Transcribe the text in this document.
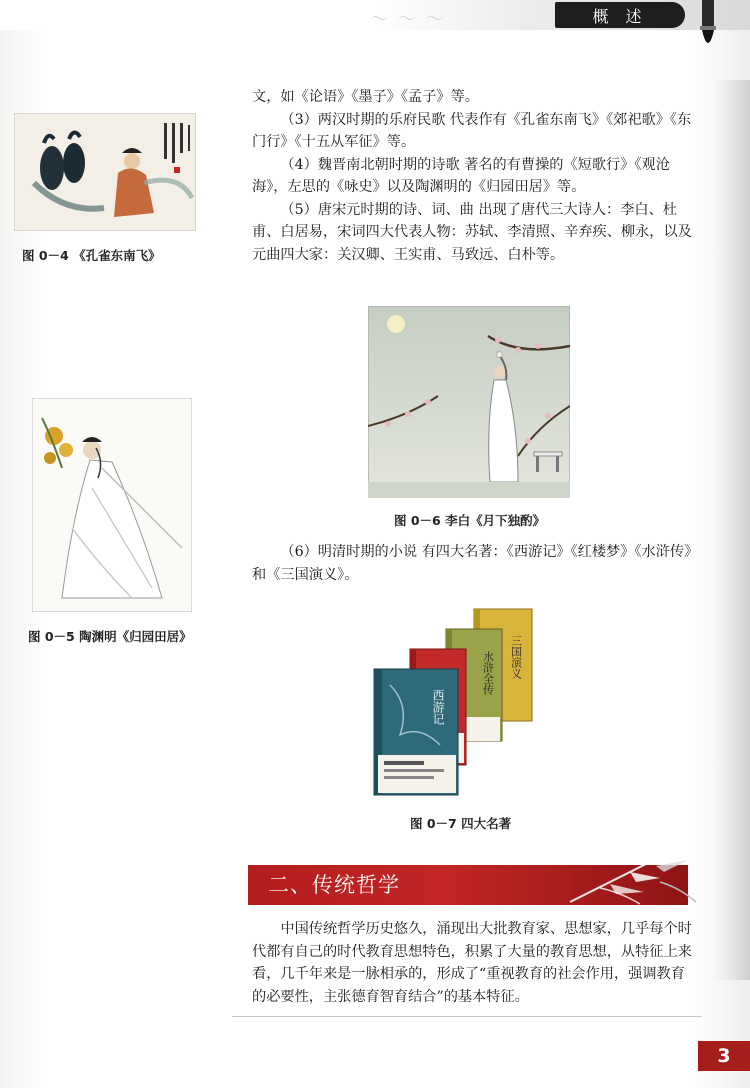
～ ～ ～	概 述
图 0－4 《孔雀东南飞》
图 0－5 陶渊明《归园田居》

文，如《论语》《墨子》《孟子》等。

（3）两汉时期的乐府民歌 代表作有《孔雀东南飞》《郊祀歌》《东门行》《十五从军征》等。

（4）魏晋南北朝时期的诗歌 著名的有曹操的《短歌行》《观沧海》，左思的《咏史》以及陶渊明的《归园田居》等。

（5）唐宋元时期的诗、词、曲 出现了唐代三大诗人：李白、杜甫、白居易，宋词四大代表人物：苏轼、李清照、辛弃疾、柳永，以及元曲四大家：关汉卿、王实甫、马致远、白朴等。

图 0－6 李白《月下独酌》

（6）明清时期的小说 有四大名著：《西游记》《红楼梦》《水浒传》和《三国演义》。

三国演义
水浒全传
西游记
图 0－7 四大名著
二、传统哲学

中国传统哲学历史悠久，涌现出大批教育家、思想家，几乎每个时代都有自己的时代教育思想特色，积累了大量的教育思想，从特征上来看，几千年来是一脉相承的，形成了“重视教育的社会作用，强调教育的必要性，主张德育智育结合”的基本特征。

3
